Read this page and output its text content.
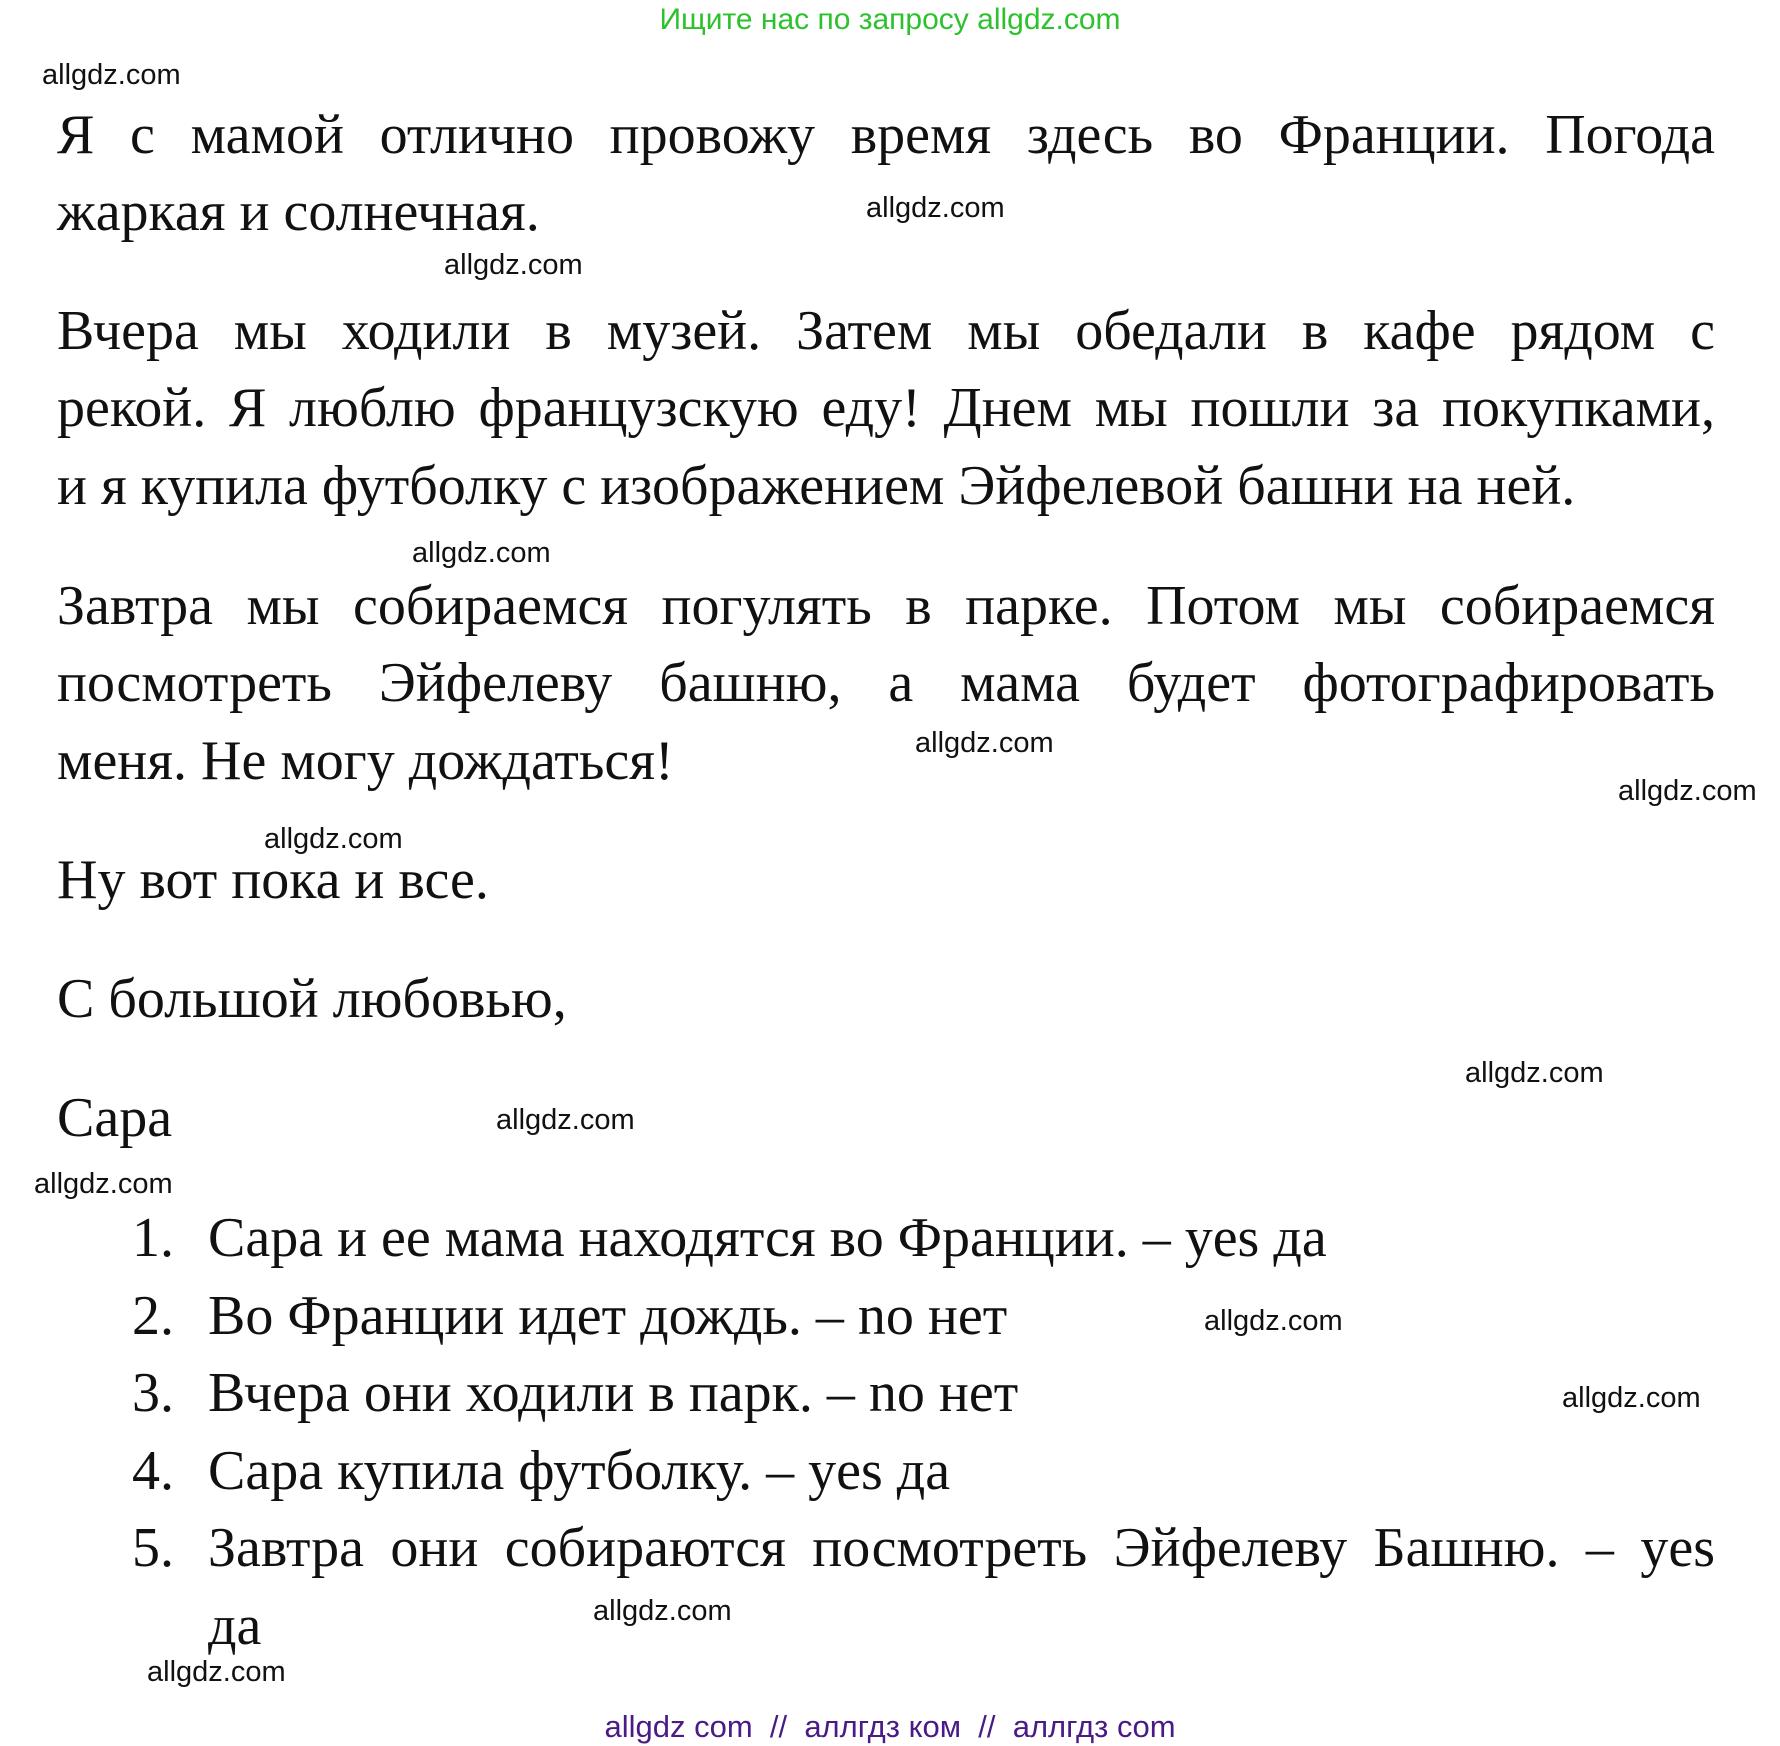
Ищите нас по запросу allgdz.com
Я с мамой отлично провожу время здесь во Франции. Погода
жаркая и солнечная.
Вчера мы ходили в музей. Затем мы обедали в кафе рядом с
рекой. Я люблю французскую еду! Днем мы пошли за покупками,
и я купила футболку с изображением Эйфелевой башни на ней.
Завтра мы собираемся погулять в парке. Потом мы собираемся
посмотреть Эйфелеву башню, а мама будет фотографировать
меня. Не могу дождаться!
Ну вот пока и все.
С большой любовью,
Сара
1. Сара и ее мама находятся во Франции. – yes да
2. Во Франции идет дождь. – no нет
3. Вчера они ходили в парк. – no нет
4. Сара купила футболку. – yes да
5. Завтра они собираются посмотреть Эйфелеву Башню. – yes
да
allgdz.com
allgdz.com
allgdz.com
allgdz.com
allgdz.com
allgdz.com
allgdz.com
allgdz.com
allgdz.com
allgdz.com
allgdz.com
allgdz.com
allgdz.com
allgdz.com
allgdz com  //  аллгдз ком  //  аллгдз com
